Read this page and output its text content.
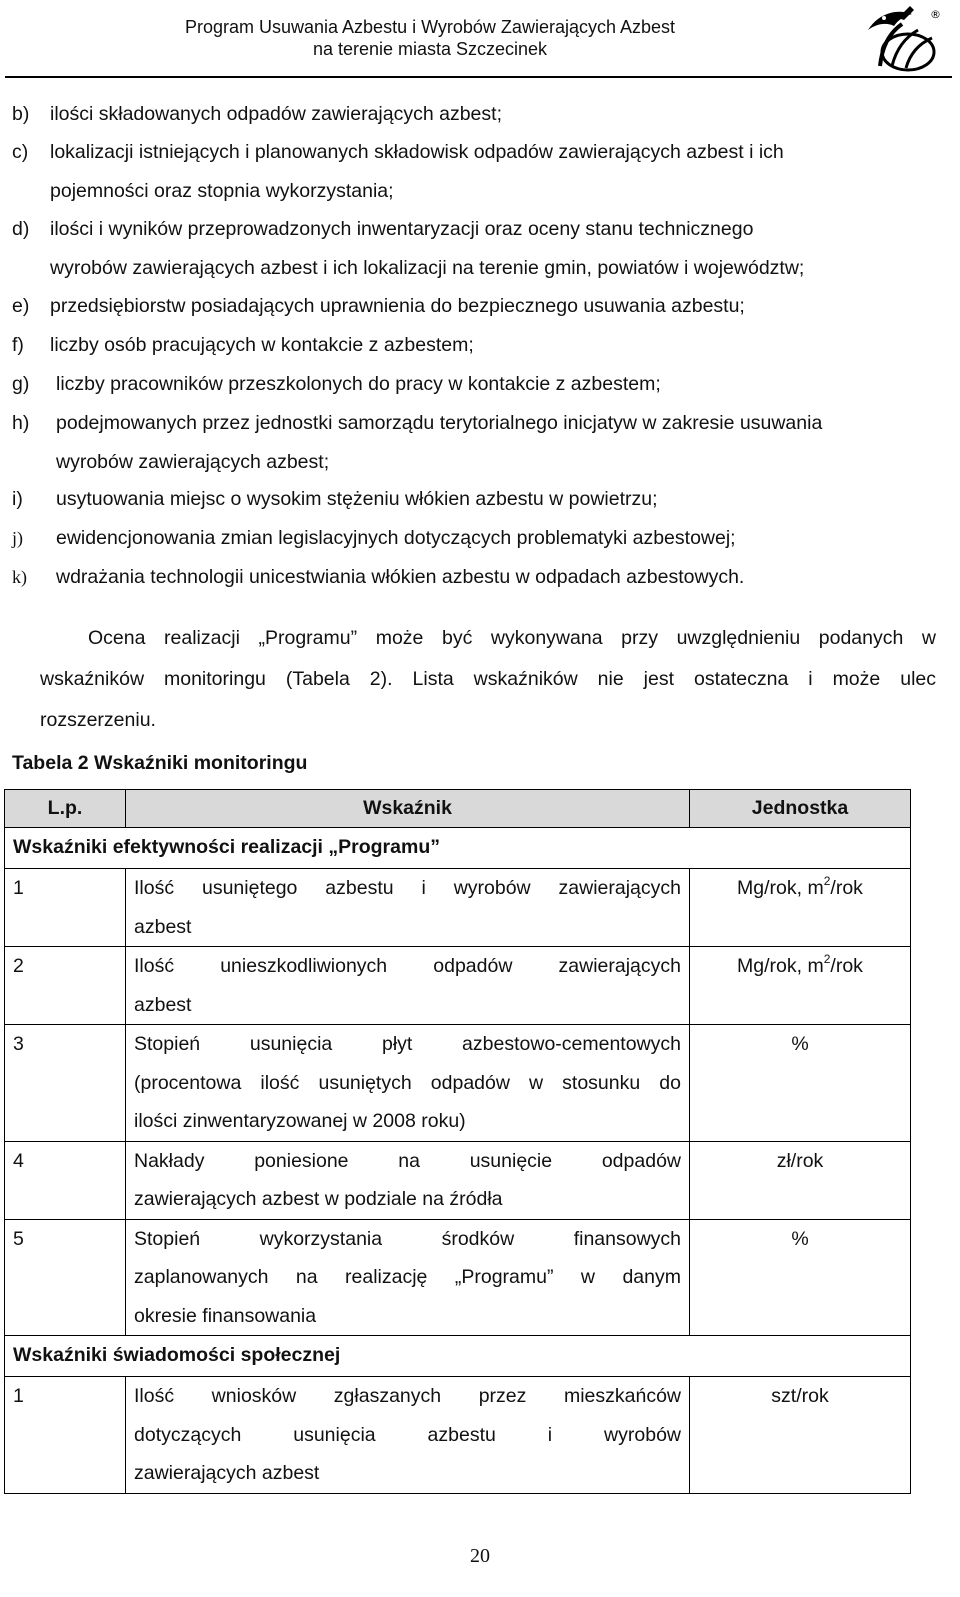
Program Usuwania Azbestu i Wyrobów Zawierających Azbest
na terenie miasta Szczecinek
®
b) ilości składowanych odpadów zawierających azbest;
c) lokalizacji istniejących i planowanych składowisk odpadów zawierających azbest i ich
pojemności oraz stopnia wykorzystania;
d) ilości i wyników przeprowadzonych inwentaryzacji oraz oceny stanu technicznego
wyrobów zawierających azbest i ich lokalizacji na terenie gmin, powiatów i województw;
e) przedsiębiorstw posiadających uprawnienia do bezpiecznego usuwania azbestu;
f) liczby osób pracujących w kontakcie z azbestem;
g) liczby pracowników przeszkolonych do pracy w kontakcie z azbestem;
h) podejmowanych przez jednostki samorządu terytorialnego inicjatyw w zakresie usuwania
wyrobów zawierających azbest;
i) usytuowania miejsc o wysokim stężeniu włókien azbestu w powietrzu;
j) ewidencjonowania zmian legislacyjnych dotyczących problematyki azbestowej;
k) wdrażania technologii unicestwiania włókien azbestu w odpadach azbestowych.
Ocena realizacji „Programu” może być wykonywana przy uwzględnieniu podanych w
wskaźników monitoringu (Tabela 2). Lista wskaźników nie jest ostateczna i może ulec
rozszerzeniu.
Tabela 2 Wskaźniki monitoringu
L.p.	Wskaźnik	Jednostka
Wskaźniki efektywności realizacji „Programu”		
1	Ilość usuniętego azbestu i wyrobów zawierających
azbest	Mg/rok, $m^2$/rok
2	Ilość unieszkodliwionych odpadów zawierających
azbest	Mg/rok, $m^2$/rok
3	Stopień usunięcia płyt azbestowo-cementowych
(procentowa ilość usuniętych odpadów w stosunku do
ilości zinwentaryzowanej w 2008 roku)	%
4	Nakłady poniesione na usunięcie odpadów
zawierających azbest w podziale na źródła	zł/rok
5	Stopień wykorzystania środków finansowych
zaplanowanych na realizację „Programu” w danym
okresie finansowania	%
Wskaźniki świadomości społecznej		
1	Ilość wniosków zgłaszanych przez mieszkańców
dotyczących usunięcia azbestu i wyrobów
zawierających azbest	szt/rok
20
